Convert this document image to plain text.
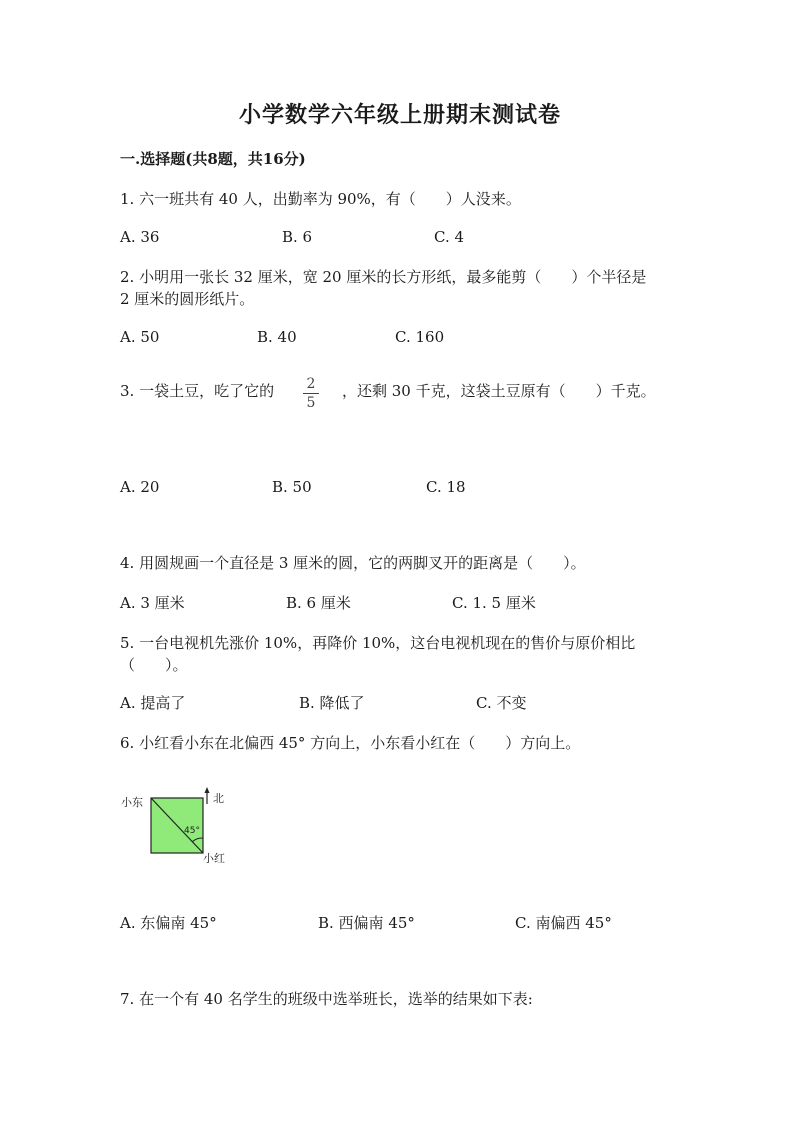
小学数学六年级上册期末测试卷
一.选择题(共8题，共16分)
1. 六一班共有 40 人，出勤率为 90%，有（　　）人没来。
A. 36	B. 6	C. 4
2. 小明用一张长 32 厘米，宽 20 厘米的长方形纸，最多能剪（　　）个半径是
2 厘米的圆形纸片。
A. 50	B. 40	C. 160
3. 一袋土豆，吃了它的 2
5
，还剩 30 千克，这袋土豆原有（　　）千克。
A. 20	B. 50	C. 18
4. 用圆规画一个直径是 3 厘米的圆，它的两脚叉开的距离是（　　）。
A. 3 厘米	B. 6 厘米	C. 1. 5 厘米
5. 一台电视机先涨价 10%，再降价 10%，这台电视机现在的售价与原价相比
（　　）。
A. 提高了	B. 降低了	C. 不变
6. 小红看小东在北偏西 45° 方向上，小东看小红在（　　）方向上。
小东	北
小红
45°
A. 东偏南 45°	B. 西偏南 45°	C. 南偏西 45°
7. 在一个有 40 名学生的班级中选举班长，选举的结果如下表:
